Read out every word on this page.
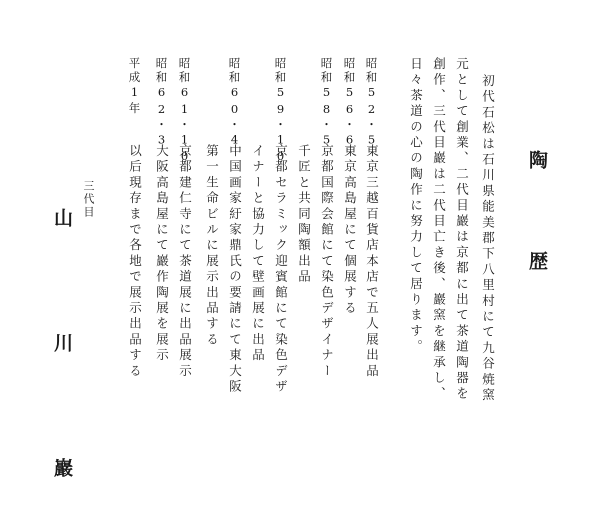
陶 歴
初代石松は石川県能美郡下八里村にて九谷焼窯
元として創業、二代目巖は京都に出て茶道陶器を
創作、三代目巖は二代目亡き後、巖窯を継承し、
日々茶道の心の陶作に努力して居ります。
昭和52・5
東京三越百貨店本店で五人展出品
昭和56・6
東京高島屋にて個展する
昭和58・5
京都国際会館にて染色デザイナー
千匠と共同陶額出品
昭和59・10
京都セラミック迎賓館にて染色デザ
イナーと協力して壁画展に出品
昭和60・4
中国画家紆家鼎氏の要請にて東大阪
第一生命ビルに展示出品する
昭和61・10
京都建仁寺にて茶道展に出品展示
昭和62・3
大阪高島屋にて巖作陶展を展示
平成1年
以后現存まで各地で展示出品する
三代目
山 川 巖
